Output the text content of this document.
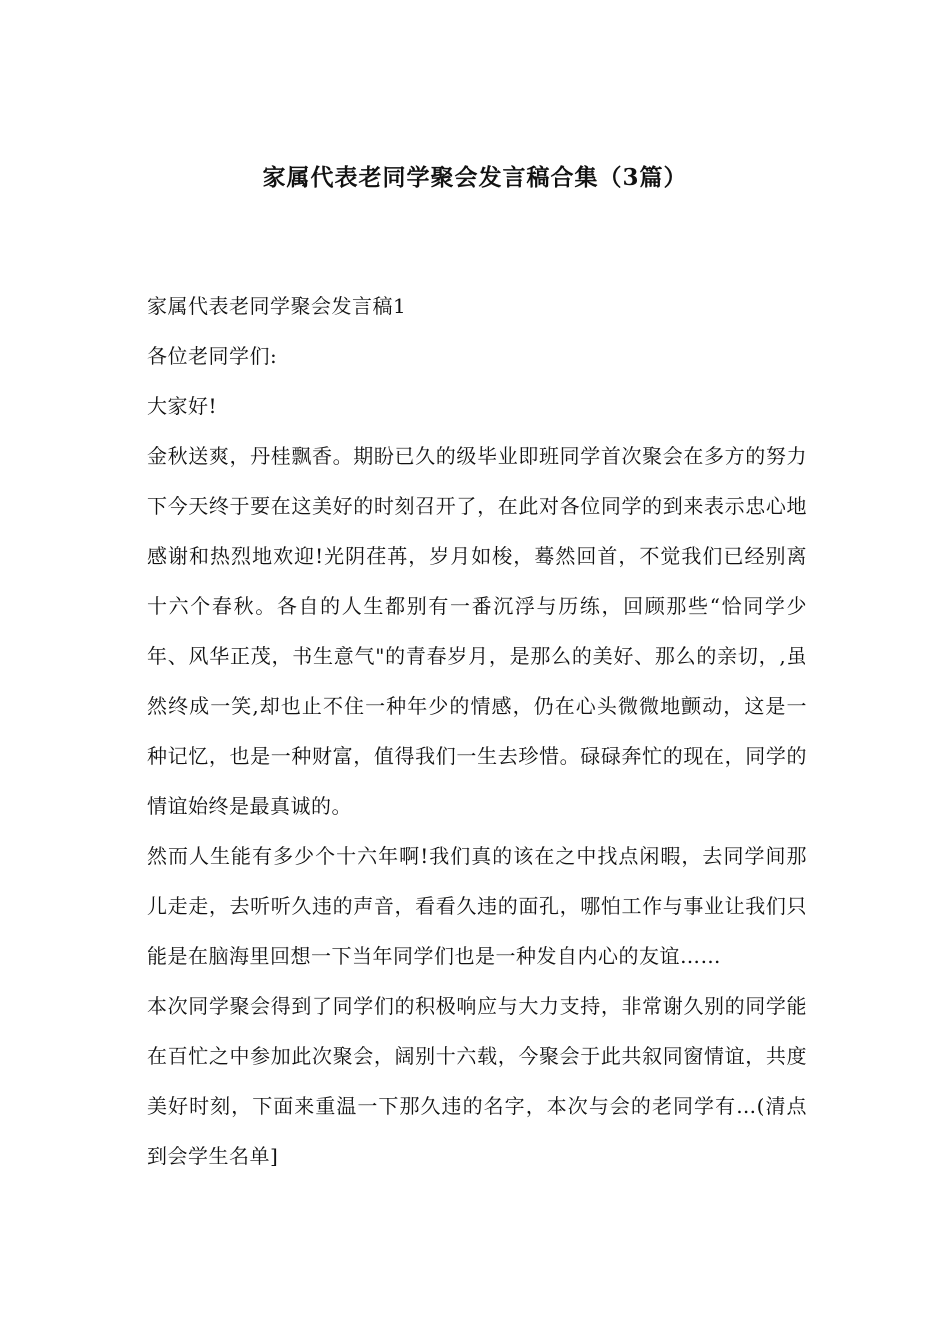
家属代表老同学聚会发言稿合集（3篇）

家属代表老同学聚会发言稿1

各位老同学们:

大家好!

金秋送爽，丹桂飘香。期盼已久的级毕业即班同学首次聚会在多方的努力下今天终于要在这美好的时刻召开了，在此对各位同学的到来表示忠心地感谢和热烈地欢迎!光阴荏苒，岁月如梭，蓦然回首，不觉我们已经别离十六个春秋。各自的人生都别有一番沉浮与历练，回顾那些“恰同学少年、风华正茂，书生意气"的青春岁月，是那么的美好、那么的亲切，,虽然终成一笑,却也止不住一种年少的情感，仍在心头微微地颤动，这是一种记忆，也是一种财富，值得我们一生去珍惜。碌碌奔忙的现在，同学的情谊始终是最真诚的。

然而人生能有多少个十六年啊!我们真的该在之中找点闲暇，去同学间那儿走走，去听听久违的声音，看看久违的面孔，哪怕工作与事业让我们只能是在脑海里回想一下当年同学们也是一种发自内心的友谊……

本次同学聚会得到了同学们的积极响应与大力支持，非常谢久别的同学能在百忙之中参加此次聚会，阔别十六载，今聚会于此共叙同窗情谊，共度美好时刻，下面来重温一下那久违的名字，本次与会的老同学有…(清点到会学生名单]
